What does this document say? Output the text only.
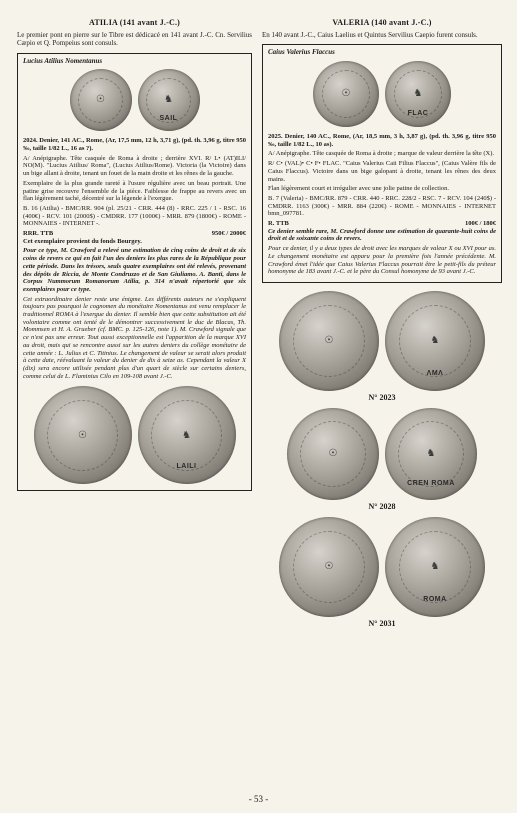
ATILIA (141 avant J.-C.)
Le premier pont en pierre sur le Tibre est dédicacé en 141 avant J.-C. Cn. Servilius Cæpio et Q. Pompeius sont consuls.
Lucius Atilius Nomentanus
☉	♞
SAIL

2024. Denier, 141 AC., Rome, (Ar, 17,5 mm, 12 h, 3,71 g), (pd. th. 3,96 g, titre 950 ‰, taille 1/82 L., 16 as ?).

A/ Anépigraphe. Tête casquée de Roma à droite ; derrière XVI. R/ L• (AT)ILI/ NO(M). "Lucius Atilius/ Roma", (Lucius Atilius/Rome). Victoria (la Victoire) dans un bige allant à droite, tenant un fouet de la main droite et les rênes de la gauche.

Exemplaire de la plus grande rareté à l'usure régulière avec un beau portrait. Une patine grise recouvre l'ensemble de la pièce. Faiblesse de frappe au revers avec un flan légèrement taché, décentré sur la légende à l'exergue.

B. 16 (Atilia) - BMC/RR. 904 (pl. 25/21 - CRR. 444 (8) - RRC. 225 / 1 - RSC. 16 (400€) - RCV. 101 (2000$) - CMDRR. 177 (1000€) - MRR. 879 (1800€) - ROME - MONNAIES - INTERNET -.

RRR. TTB	950€ / 2000€

Cet exemplaire provient du fonds Bourgey.

Pour ce type, M. Crawford a relevé une estimation de cinq coins de droit et de six coins de revers ce qui en fait l'un des deniers les plus rares de la République pour cette période. Dans les trésors, seuls quatre exemplaires ont été relevés, provenant des dépôts de Riccia, de Monte Condruzzo et de San Giuliamo. A. Banti, dans le Corpus Nummorum Romanorum Atilia, p. 314 n'avait répertorié que six exemplaires pour ce type.

Cet extraordinaire denier reste une énigme. Les différents auteurs ne s'expliquent toujours pas pourquoi le cognomen du monétaire Nomentanus est venu remplacer le traditionnel ROMA à l'exergue du denier. Il semble bien que cette substitution ait été volontaire comme ont tenté de le démontrer successivement le duc de Blacas, Th. Mommsen et H. A. Grueber (cf. BMC. p. 125-126, note 1). M. Crawford signale que ce n'est pas une erreur. Tout aussi exceptionnelle est l'apparition de la marque XVI au droit, mais qui se rencontre aussi sur les autres deniers du collège monétaire de cette année : L. Julius et C. Titinius. Le changement de valeur se serait alors produit à cette date, réévaluant la valeur du denier de dix à seize as. Cependant la valeur X (dix) sera encore utilisée pendant plus d'un quart de siècle sur certains deniers, comme celui de L. Flaminius Cilo en 109-108 avant J.-C.

☉	♞
LAILI
VALERIA (140 avant J.-C.)
En 140 avant J.-C., Caius Laelius et Quintus Servilius Caepio furent consuls.
Caius Valerius Flaccus
☉	♞
FLAC

2025. Denier, 140 AC., Rome, (Ar, 18,5 mm, 3 h, 3,87 g), (pd. th. 3,96 g, titre 950 ‰, taille 1/82 L., 10 as).

A/ Anépigraphe. Tête casquée de Roma à droite ; marque de valeur derrière la tête (X).

R/ C• (VAL)• C• F• FLAC. "Caius Valerius Caii Filius Flaccus", (Caius Valère fils de Caius Flaccus). Victoire dans un bige galopant à droite, tenant les rênes des deux mains.

Flan légèrement court et irrégulier avec une jolie patine de collection.

B. 7 (Valeria) - BMC/RR. 879 - CRR. 440 - RRC. 228/2 - RSC. 7 - RCV. 104 (240$) - CMDRR. 1163 (300€) - MRR. 884 (220€) - ROME - MONNAIES - INTERNET bmn_097781.

R. TTB	100€ / 180€

Ce denier semble rare, M. Crawford donne une estimation de quarante-huit coins de droit et de soixante coins de revers.

Pour ce denier, il y a deux types de droit avec les marques de valeur X ou XVI pour as. Le changement monétaire est apparu pour la première fois l'année précédente. M. Crawford émet l'idée que Caius Valerius Flaccus pourrait être le petit-fils du préteur homonyme de 183 avant J.-C. et le père du Consul homonyme de 93 avant J.-C.

☉	♞
ΛMΛ
N° 2023
☉	♞
CREN ROMA
N° 2028
☉	♞
ROMA
N° 2031
- 53 -
